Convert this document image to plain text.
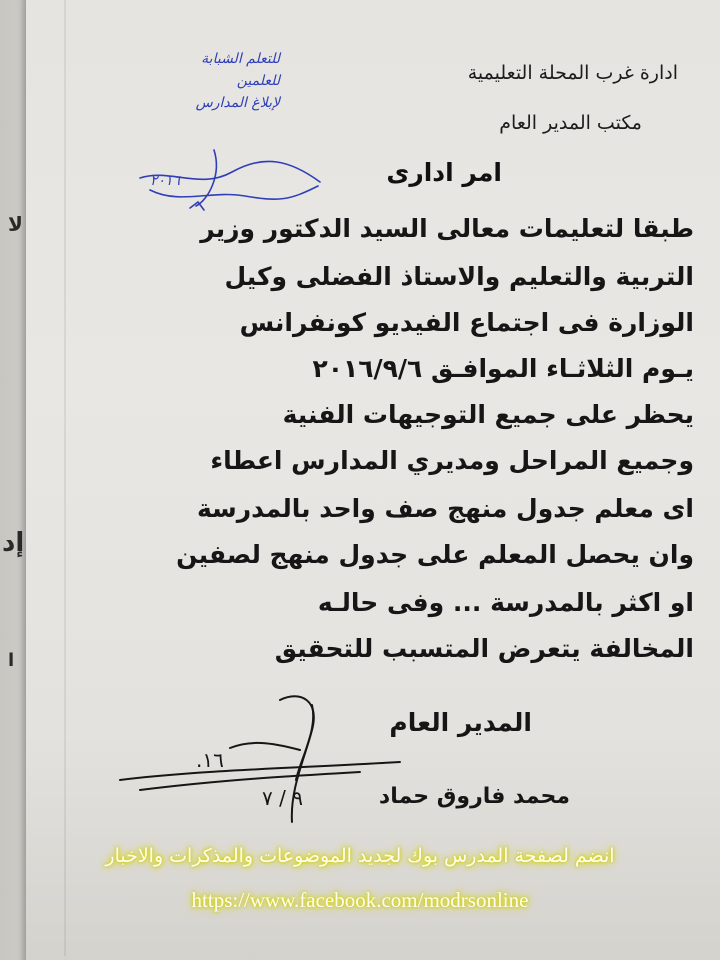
لا
إد
ا
ادارة غرب المحلة التعليمية
مكتب المدير العام
للتعلم الشبابة
للعلمين
لإبلاغ المدارس
٢٠١٦	امر ادارى
طبقا لتعليمات معالى السيد الدكتور وزير
التربية والتعليم والاستاذ الفضلى وكيل
الوزارة فى اجتماع الفيديو كونفرانس
يـوم الثلاثـاء الموافـق ٢٠١٦/٩/٦
يحظر على جميع التوجيهات الفنية
وجميع المراحل ومديري المدارس اعطاء
اى معلم جدول منهج صف واحد بالمدرسة
وان يحصل المعلم على جدول منهج لصفين
او اكثر بالمدرسة ... وفى حالـه
المخالفة يتعرض المتسبب للتحقيق
المدير العام
محمد فاروق حماد
.١٦
٩ / ٧
انضم لصفحة المدرس بوك لجديد الموضوعات والمذكرات والاخبار
https://www.facebook.com/modrsonline
